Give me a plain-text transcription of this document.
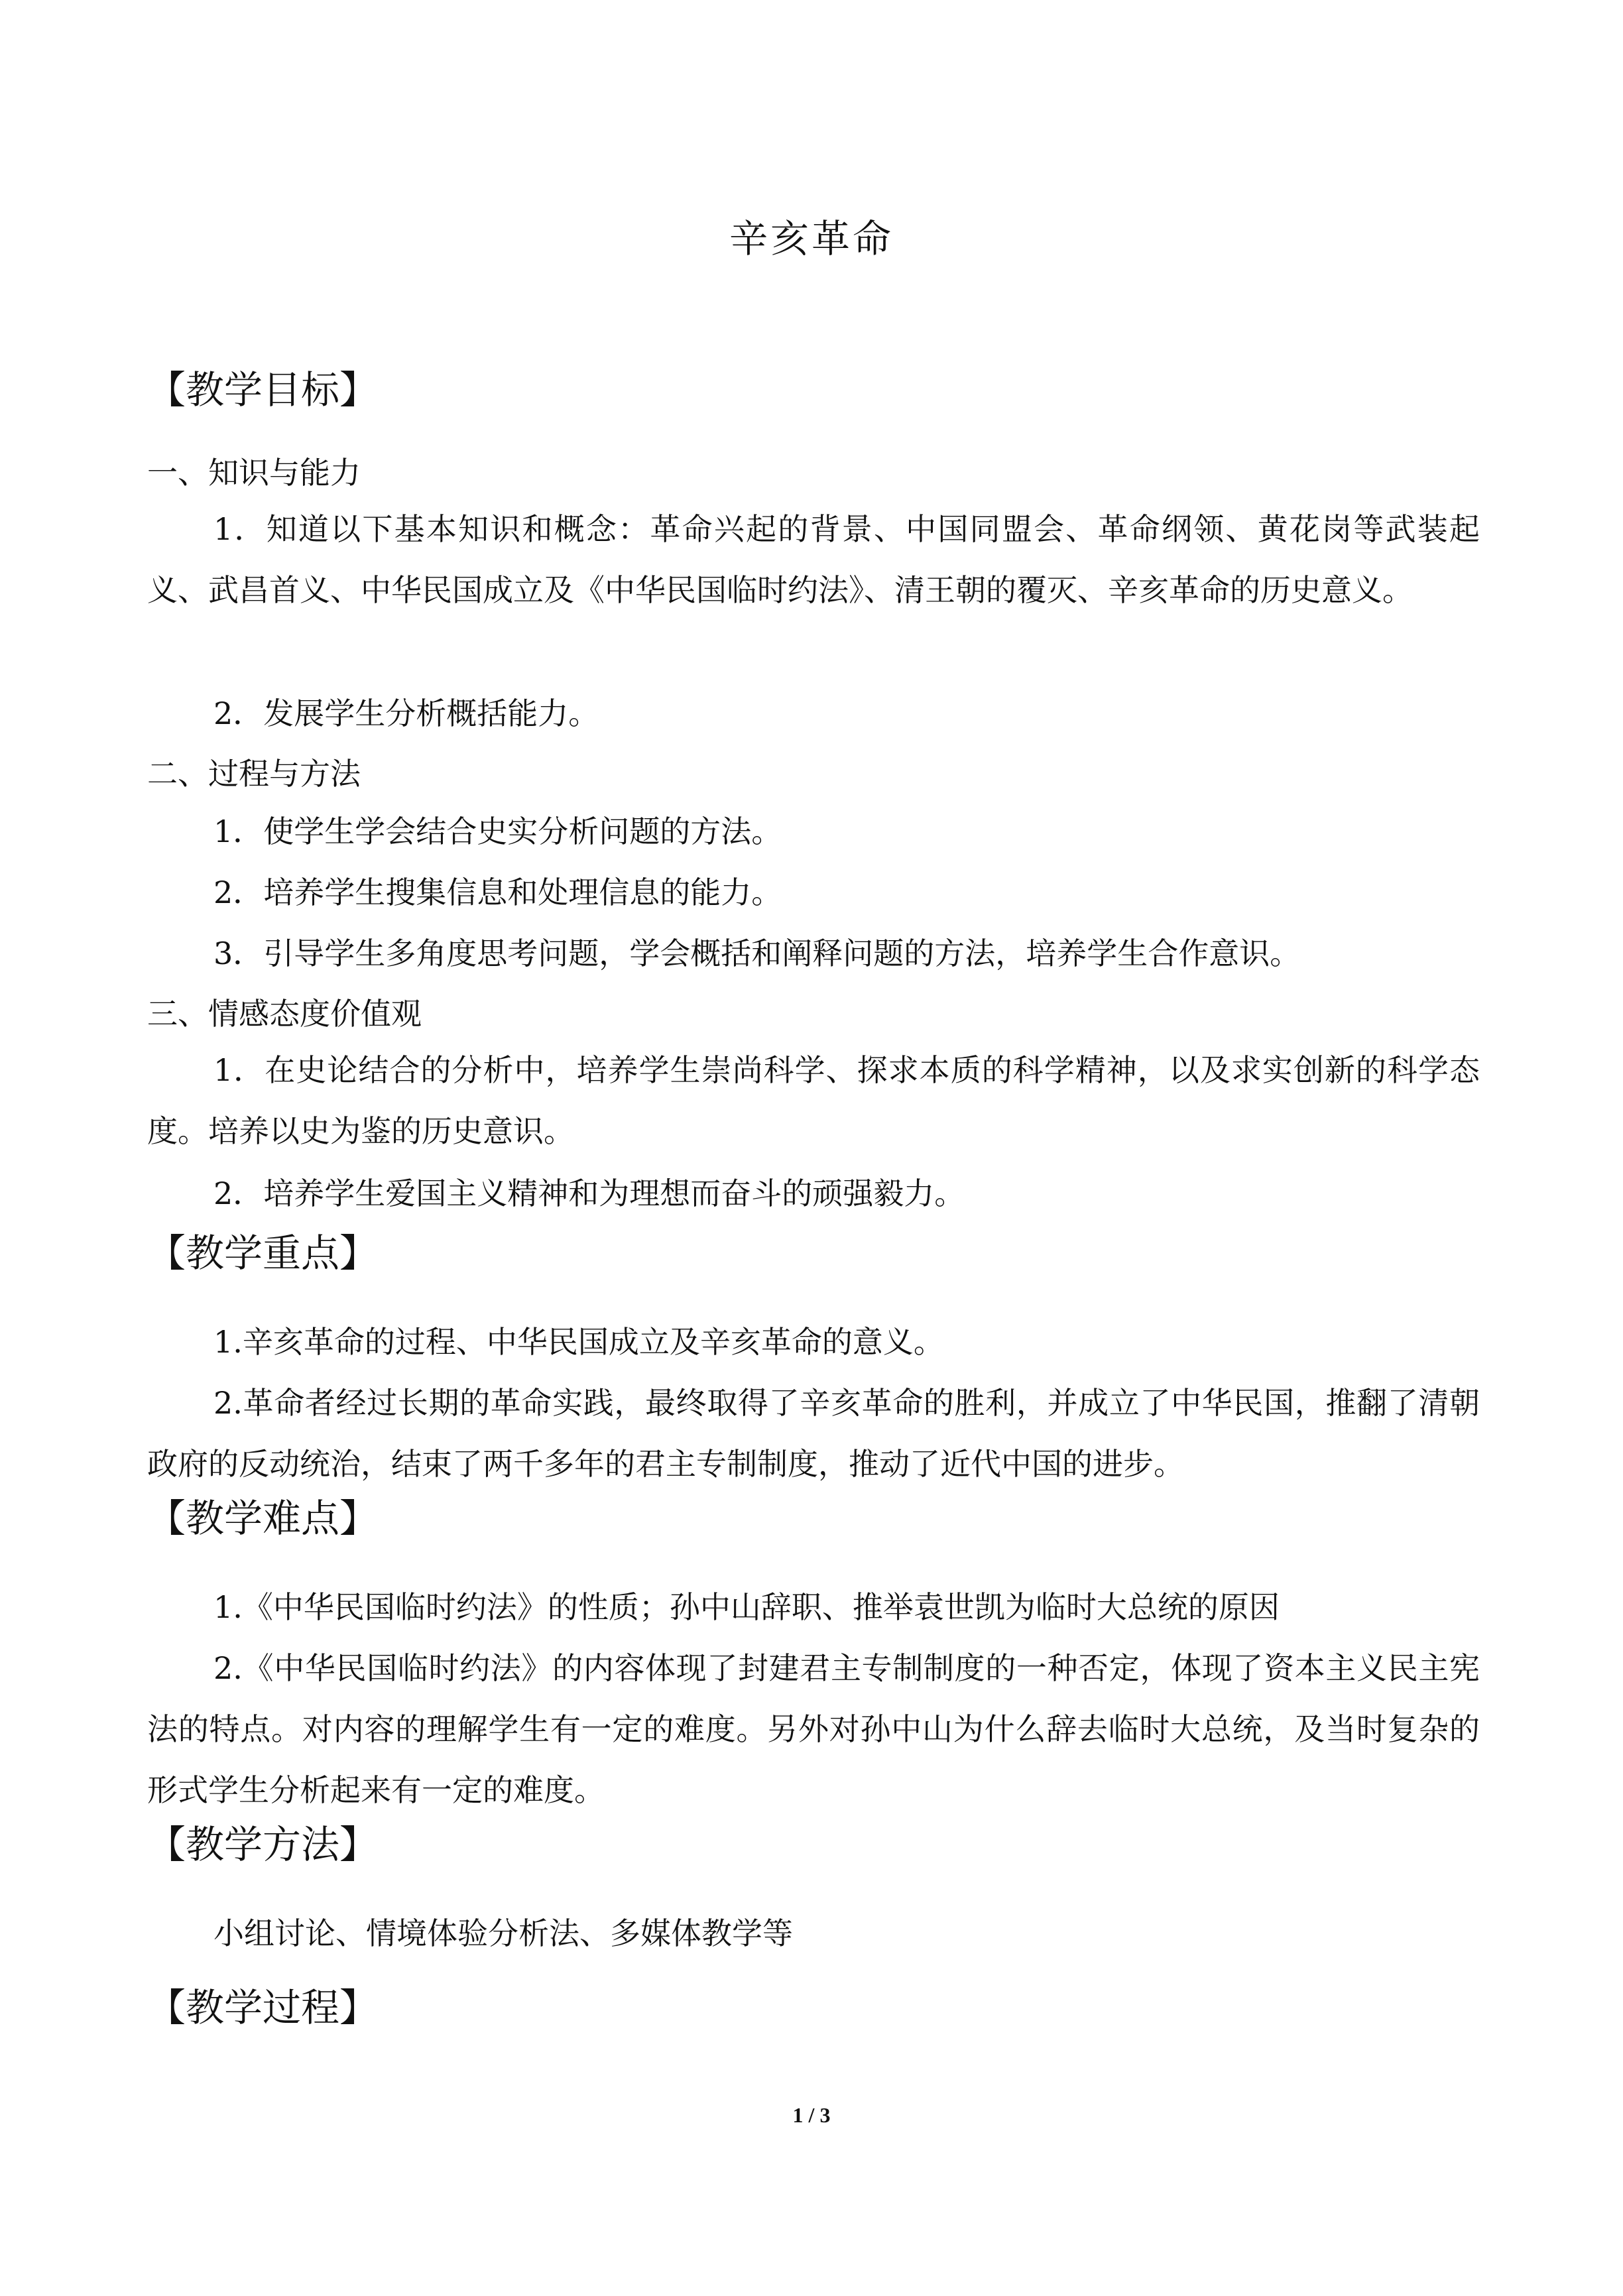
辛亥革命
【教学目标】
一、知识与能力
1．知道以下基本知识和概念：革命兴起的背景、中国同盟会、革命纲领、黄花岗等武装起义、武昌首义、中华民国成立及《中华民国临时约法》、清王朝的覆灭、辛亥革命的历史意义。
2．发展学生分析概括能力。
二、过程与方法
1．使学生学会结合史实分析问题的方法。
2．培养学生搜集信息和处理信息的能力。
3．引导学生多角度思考问题，学会概括和阐释问题的方法，培养学生合作意识。
三、情感态度价值观
1．在史论结合的分析中，培养学生崇尚科学、探求本质的科学精神，以及求实创新的科学态度。培养以史为鉴的历史意识。
2．培养学生爱国主义精神和为理想而奋斗的顽强毅力。
【教学重点】
1.辛亥革命的过程、中华民国成立及辛亥革命的意义。
2.革命者经过长期的革命实践，最终取得了辛亥革命的胜利，并成立了中华民国，推翻了清朝政府的反动统治，结束了两千多年的君主专制制度，推动了近代中国的进步。
【教学难点】
1.《中华民国临时约法》的性质；孙中山辞职、推举袁世凯为临时大总统的原因
2.《中华民国临时约法》的内容体现了封建君主专制制度的一种否定，体现了资本主义民主宪法的特点。对内容的理解学生有一定的难度。另外对孙中山为什么辞去临时大总统，及当时复杂的形式学生分析起来有一定的难度。
【教学方法】
小组讨论、情境体验分析法、多媒体教学等
【教学过程】
1 / 3
